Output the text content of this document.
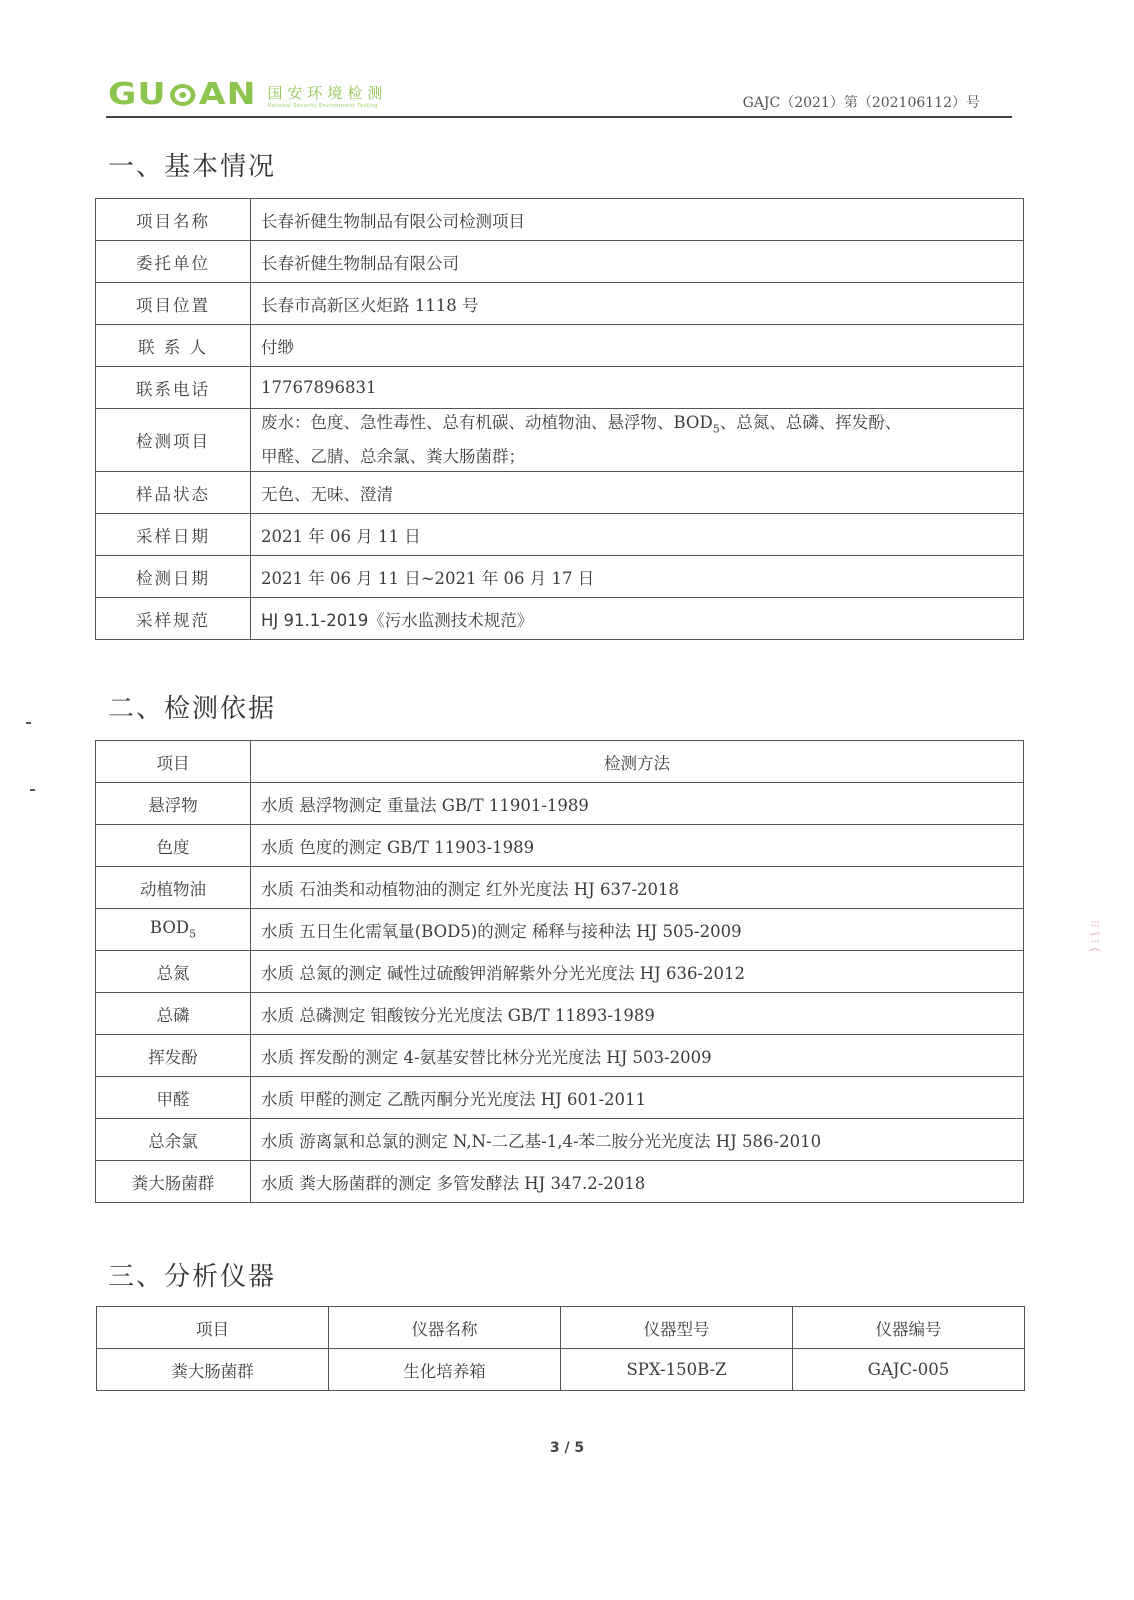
GU AN 国安环境检测
National Security Environment Testing	GAJC（2021）第（202106112）号
一、基本情况
项目名称	长春祈健生物制品有限公司检测项目
委托单位	长春祈健生物制品有限公司
项目位置	长春市高新区火炬路 1118 号
联 系 人	付缈
联系电话	17767896831
检测项目	废水：色度、急性毒性、总有机碳、动植物油、悬浮物、$BOD_5$、总氮、总磷、挥发酚、
甲醛、乙腈、总余氯、粪大肠菌群；
样品状态	无色、无味、澄清
采样日期	2021 年 06 月 11 日
检测日期	2021 年 06 月 11 日~2021 年 06 月 17 日
采样规范	HJ 91.1-2019《污水监测技术规范》
二、检测依据
项目	检测方法
悬浮物	水质 悬浮物测定 重量法 GB/T 11901-1989
色度	水质 色度的测定 GB/T 11903-1989
动植物油	水质 石油类和动植物油的测定 红外光度法 HJ 637-2018
$BOD_5$	水质 五日生化需氧量(BOD5)的测定 稀释与接种法 HJ 505-2009
总氮	水质 总氮的测定 碱性过硫酸钾消解紫外分光光度法 HJ 636-2012
总磷	水质 总磷测定 钼酸铵分光光度法 GB/T 11893-1989
挥发酚	水质 挥发酚的测定 4-氨基安替比林分光光度法 HJ 503-2009
甲醛	水质 甲醛的测定 乙酰丙酮分光光度法 HJ 601-2011
总余氯	水质 游离氯和总氯的测定 N,N-二乙基-1,4-苯二胺分光光度法 HJ 586-2010
粪大肠菌群	水质 粪大肠菌群的测定 多管发酵法 HJ 347.2-2018
三、分析仪器
项目	仪器名称	仪器型号	仪器编号
粪大肠菌群	生化培养箱	SPX-150B-Z	GAJC-005
3 / 5
⁝⁞ ⟆ ⁝ ⟨
